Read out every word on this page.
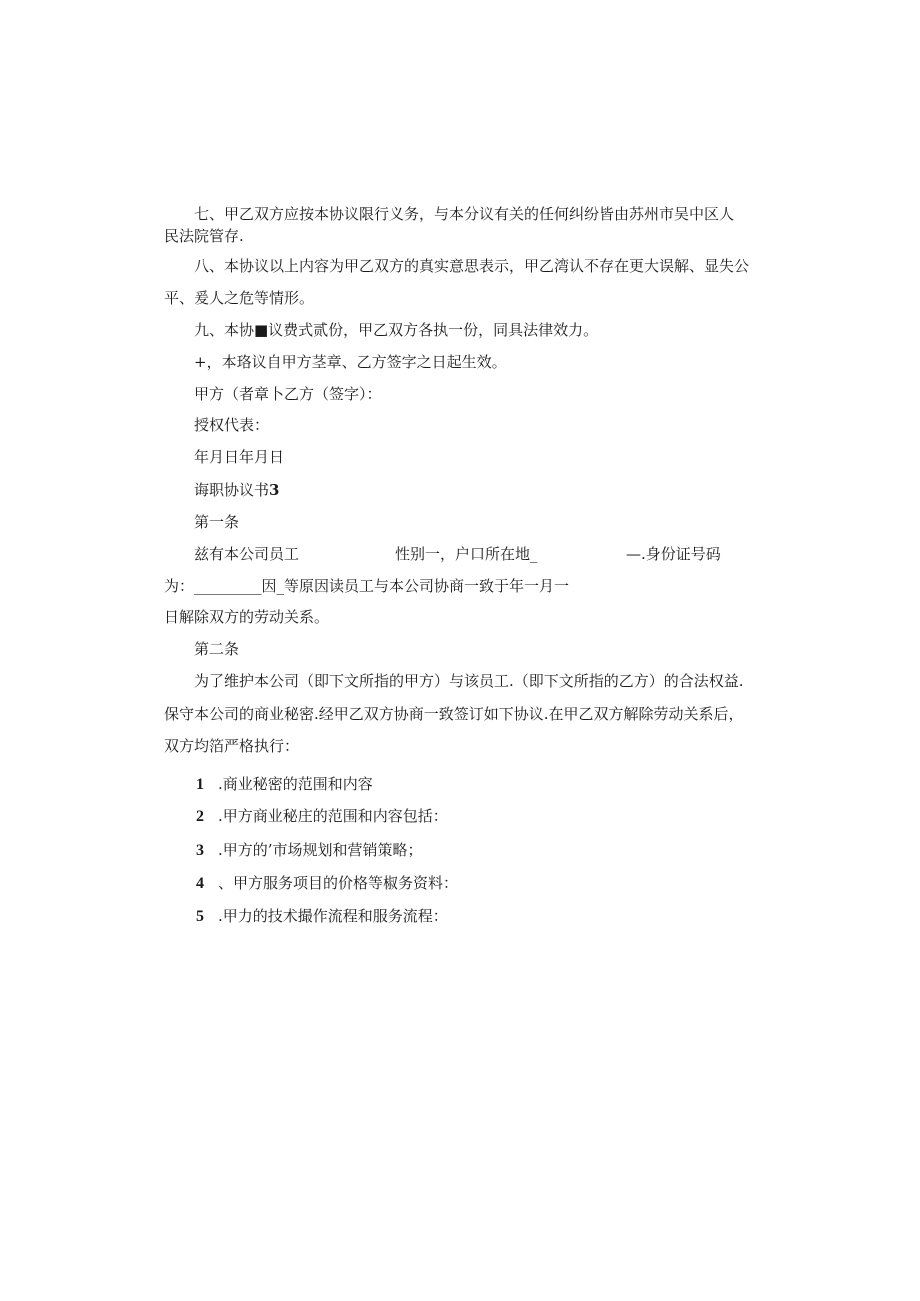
七、甲乙双方应按本协议限行义务，与本分议有关的任何纠纷皆由苏州市吴中区人
民法院管存.
八、本协议以上内容为甲乙双方的真实意思表示，甲乙湾认不存在更大误解、显失公
平、爰人之危等情形。
九、本协■议费式贰份，甲乙双方各执一份，同具法律效力。
+，本珞议自甲方茎章、乙方签字之日起生效。
甲方（者章卜乙方（签字）：
授权代表：
年月日年月日
诲职协议书3
第一条
兹有本公司员工	性别一，户口所在地_	—.身份证号码
为：_________因_等原因读员工与本公司协商一致于年一月一
日解除双方的劳动关系。
第二条
为了维护本公司（即下文所指的甲方）与该员工.（即下文所指的乙方）的合法权益.
保守本公司的商业秘密.经甲乙双方协商一致签订如下协议.在甲乙双方解除劳动关系后，
双方均箔严格执行：
1 .商业秘密的范围和内容
2 .甲方商业秘庄的范围和内容包括：
3 .甲方的’市场规划和营销策略；
4 、甲方服务项目的价格等椒务资料：
5 .甲力的技术撮作流程和服务流程：
